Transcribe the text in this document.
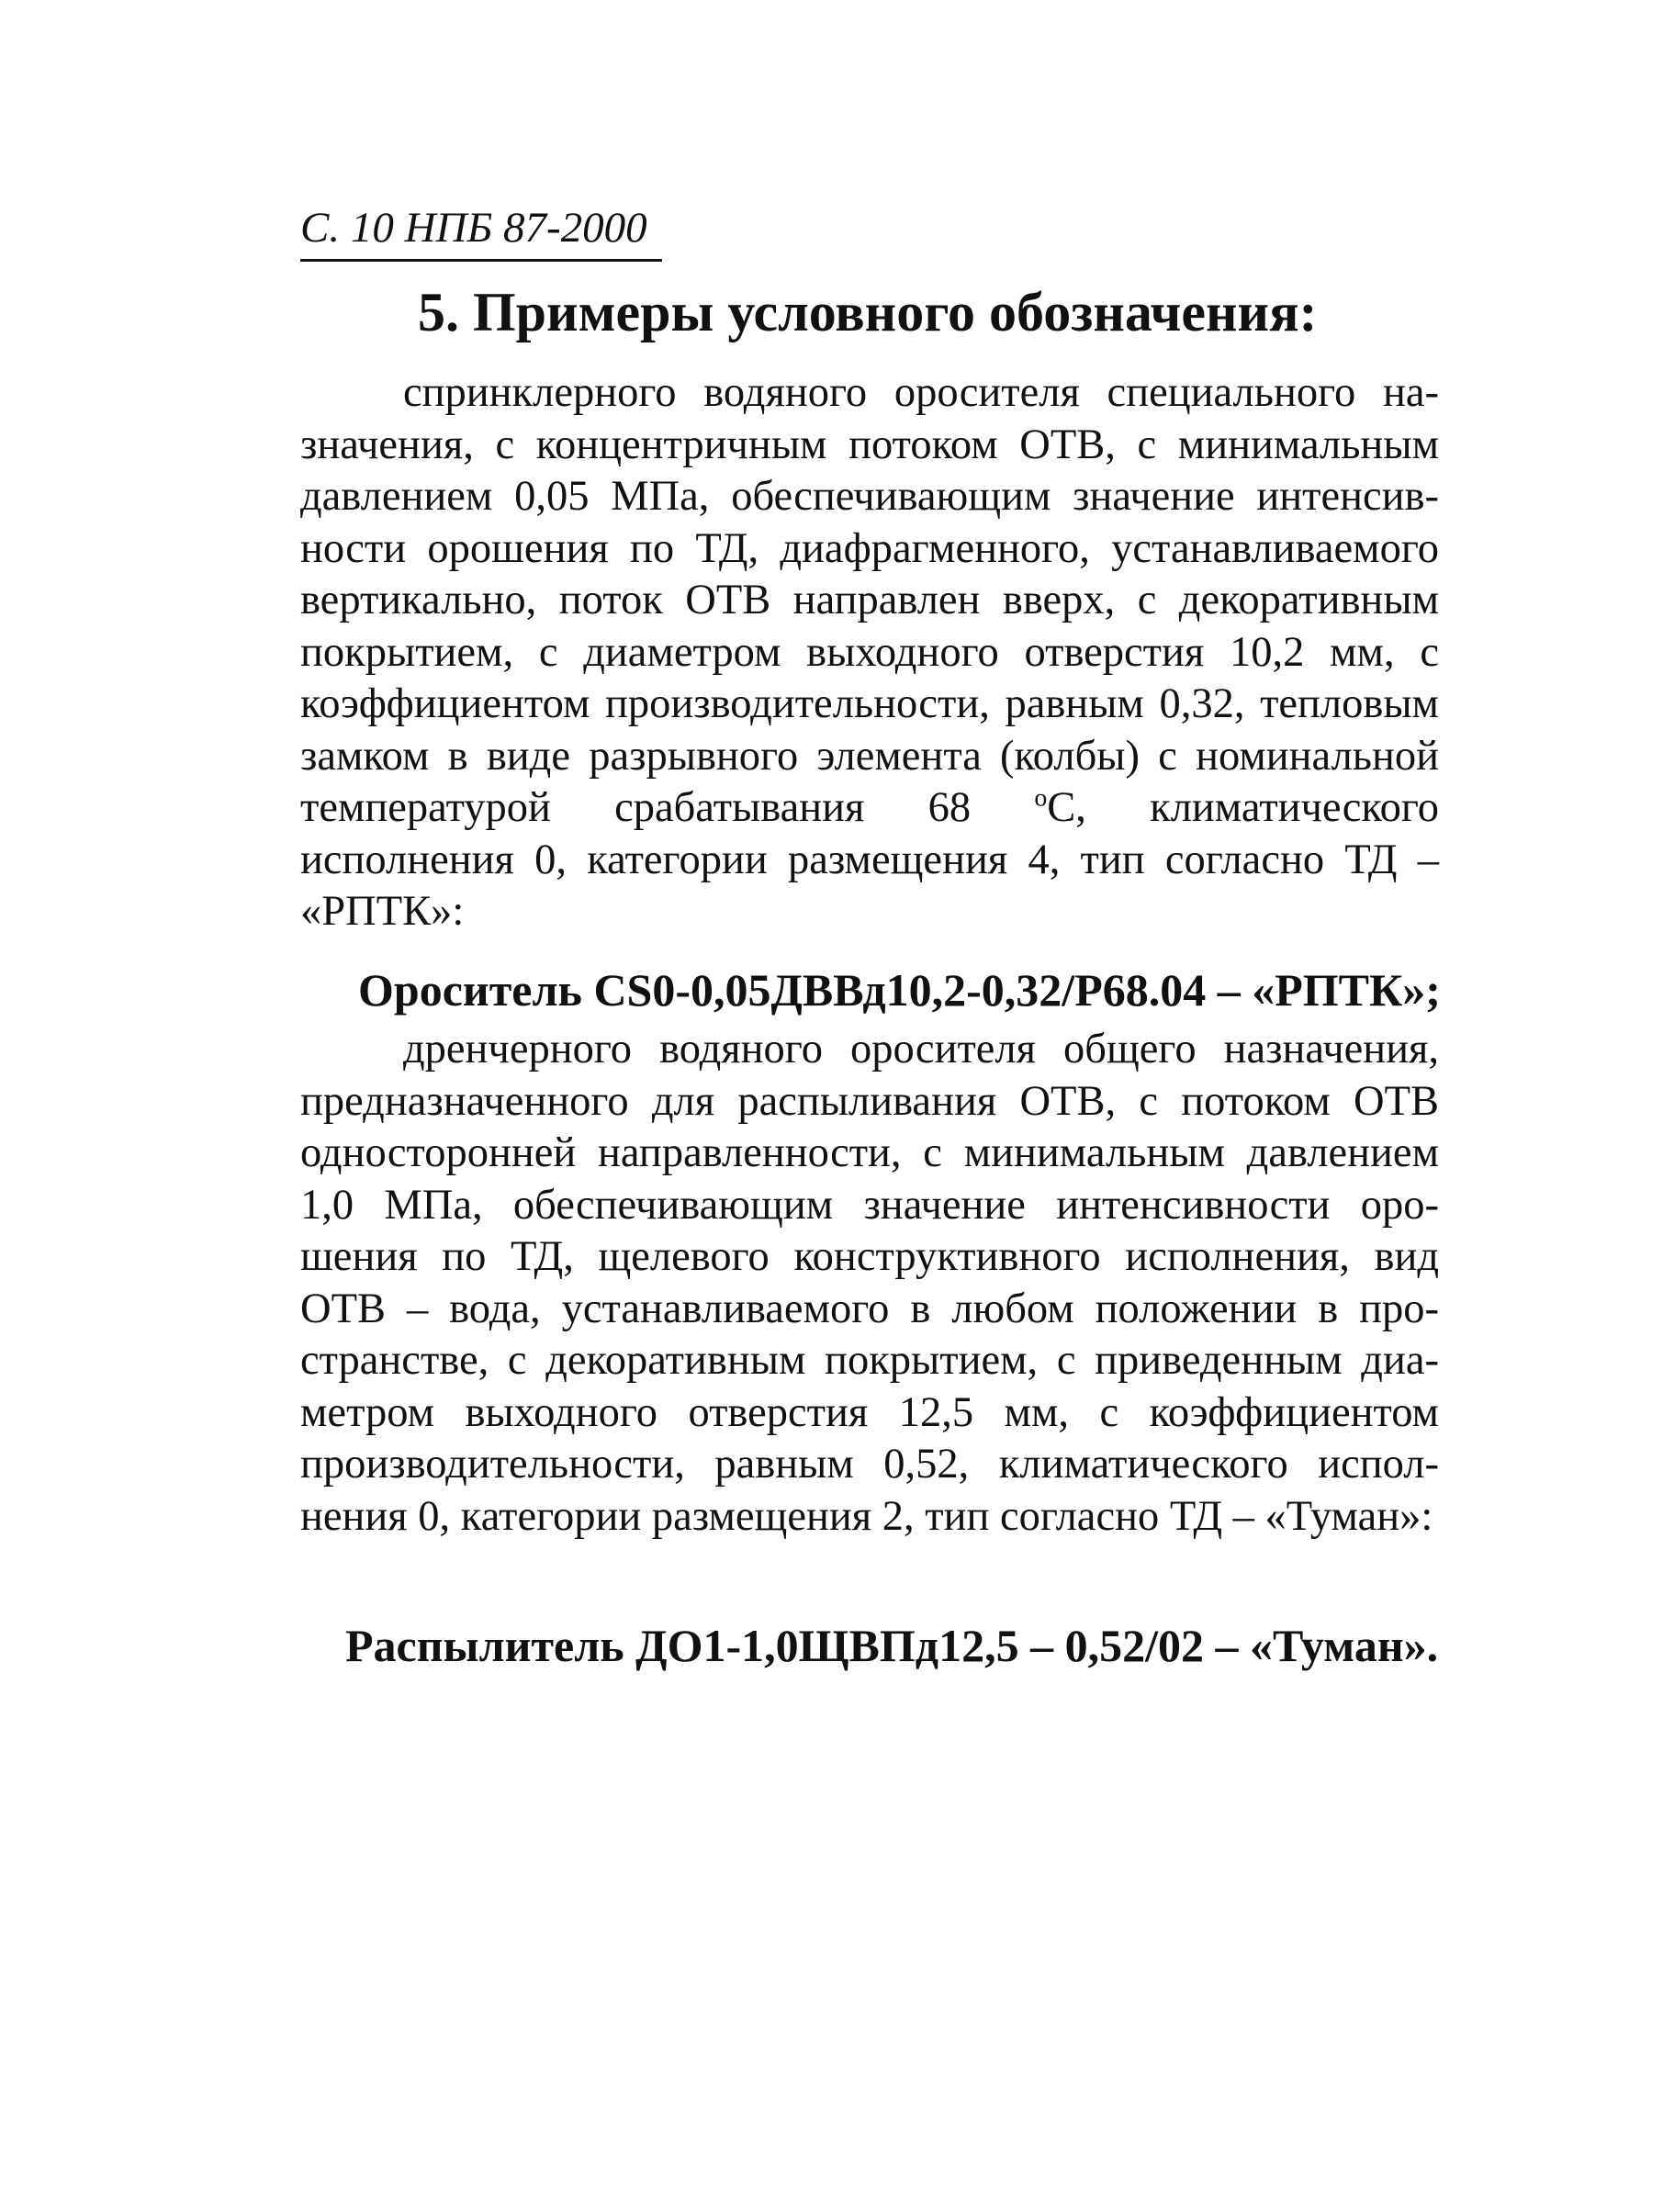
С. 10 НПБ 87-2000
5. Примеры условного обозначения:

спринклерного водяного оросителя специального назначения, с концентричным потоком ОТВ, с минимальным давлением 0,05 МПа, обеспечивающим значение интенсивности орошения по ТД, диафрагменного, устанавливаемого вертикально, поток ОТВ направлен вверх, с декоративным покрытием, с диаметром выходного отверстия 10,2 мм, с коэффициентом производительности, равным 0,32, тепловым замком в виде разрывного элемента (колбы) с номинальной температурой срабатывания 68 $^o$С, климатического исполнения 0, категории размещения 4, тип согласно ТД – «РПТК»:

Ороситель CS0-0,05ДВВд10,2-0,32/Р68.04 – «РПТК»;

дренчерного водяного оросителя общего назначения, предназначенного для распыливания ОТВ, с потоком ОТВ односторонней направленности, с минимальным давлением 1,0 МПа, обеспечивающим значение интенсивности орошения по ТД, щелевого конструктивного исполнения, вид ОТВ – вода, устанавливаемого в любом положении в пространстве, с декоративным покрытием, с приведенным диаметром выходного отверстия 12,5 мм, с коэффициентом производительности, равным 0,52, климатического исполнения 0, категории размещения 2, тип согласно ТД – «Туман»:

Распылитель ДО1-1,0ЩВПд12,5 – 0,52/02 – «Туман».
